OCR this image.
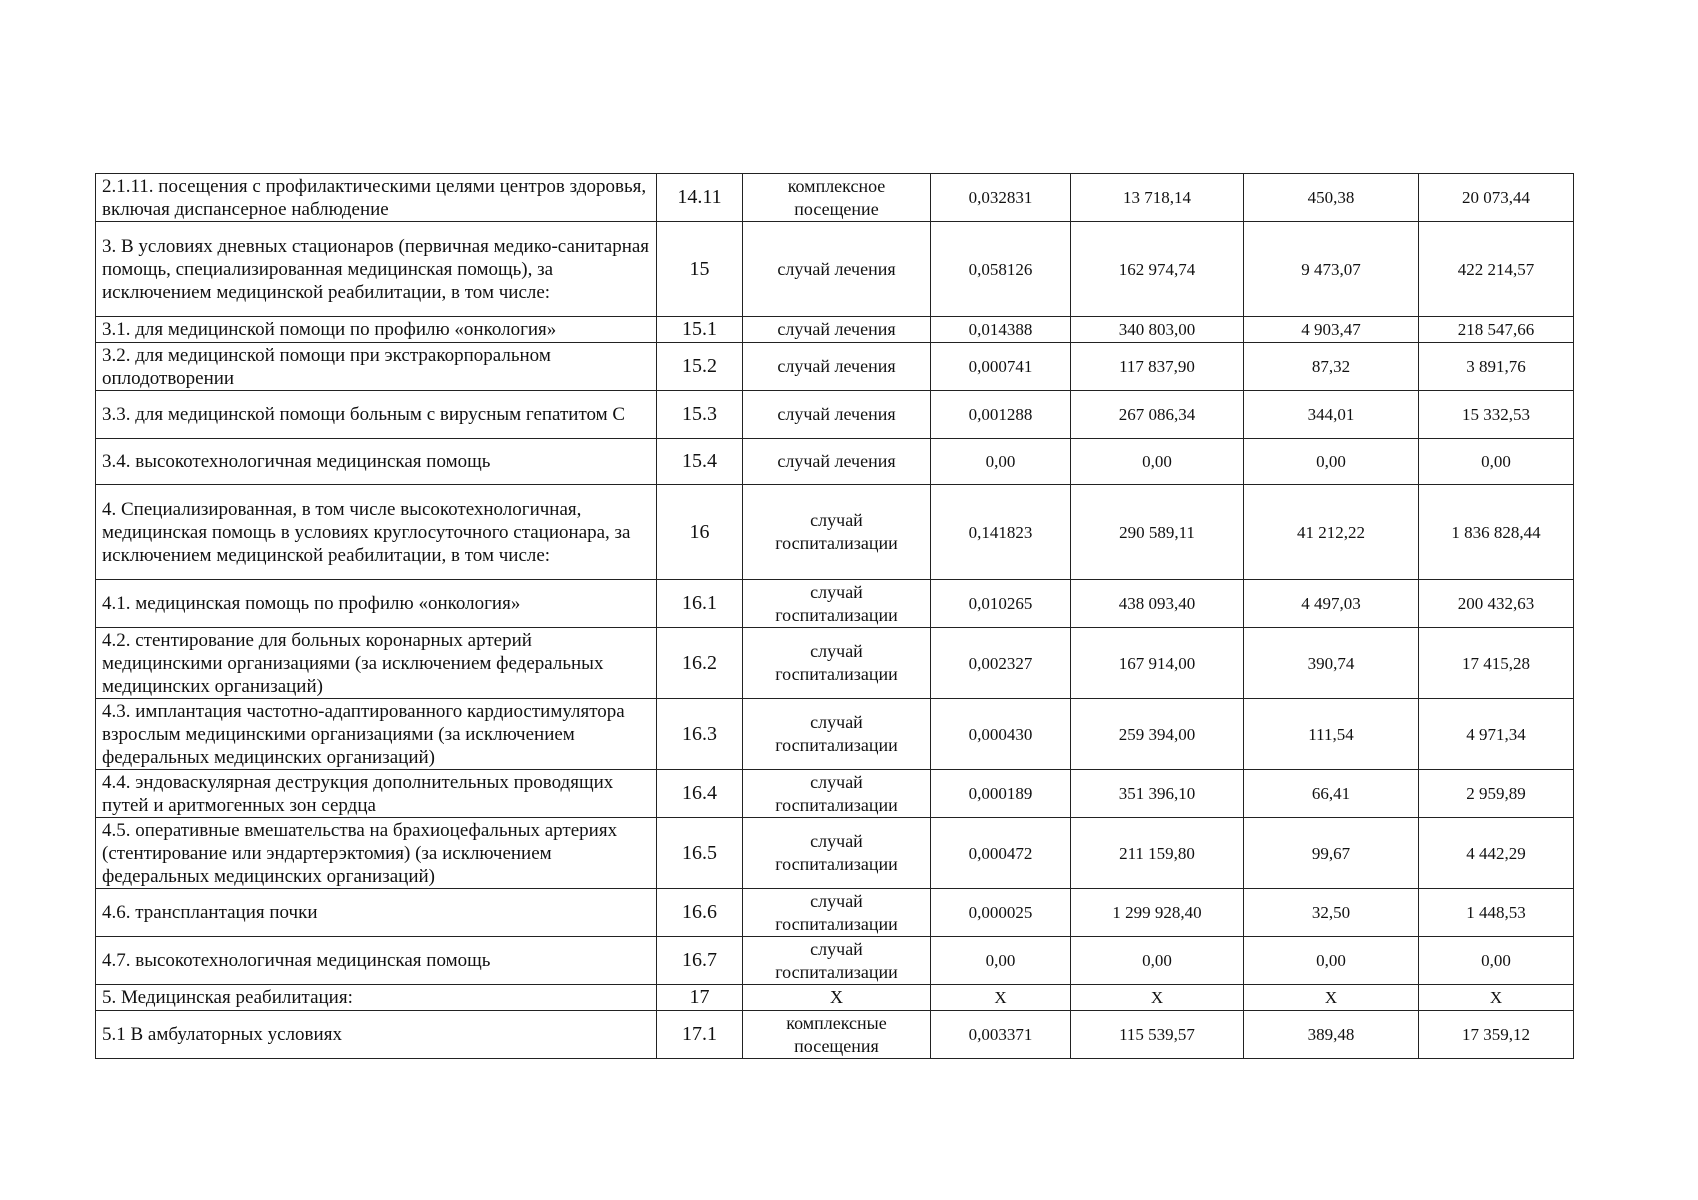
2.1.11. посещения с профилактическими целями центров здоровья, включая диспансерное наблюдение	14.11	комплексное посещение	0,032831	13 718,14	450,38	20 073,44
3. В условиях дневных стационаров (первичная медико-санитарная помощь, специализированная медицинская помощь), за исключением медицинской реабилитации, в том числе:	15	случай лечения	0,058126	162 974,74	9 473,07	422 214,57
3.1. для медицинской помощи по профилю «онкология»	15.1	случай лечения	0,014388	340 803,00	4 903,47	218 547,66
3.2. для медицинской помощи при экстракорпоральном оплодотворении	15.2	случай лечения	0,000741	117 837,90	87,32	3 891,76
3.3. для медицинской помощи больным с вирусным гепатитом С	15.3	случай лечения	0,001288	267 086,34	344,01	15 332,53
3.4. высокотехнологичная медицинская помощь	15.4	случай лечения	0,00	0,00	0,00	0,00
4. Специализированная, в том числе высокотехнологичная, медицинская помощь в условиях круглосуточного стационара, за исключением медицинской реабилитации, в том числе:	16	случай госпитализации	0,141823	290 589,11	41 212,22	1 836 828,44
4.1. медицинская помощь по профилю «онкология»	16.1	случай госпитализации	0,010265	438 093,40	4 497,03	200 432,63
4.2. стентирование для больных коронарных артерий медицинскими организациями (за исключением федеральных медицинских организаций)	16.2	случай госпитализации	0,002327	167 914,00	390,74	17 415,28
4.3. имплантация частотно-адаптированного кардиостимулятора взрослым медицинскими организациями (за исключением федеральных медицинских организаций)	16.3	случай госпитализации	0,000430	259 394,00	111,54	4 971,34
4.4. эндоваскулярная деструкция дополнительных проводящих путей и аритмогенных зон сердца	16.4	случай госпитализации	0,000189	351 396,10	66,41	2 959,89
4.5. оперативные вмешательства на брахиоцефальных артериях (стентирование или эндартерэктомия) (за исключением федеральных медицинских организаций)	16.5	случай госпитализации	0,000472	211 159,80	99,67	4 442,29
4.6. трансплантация почки	16.6	случай госпитализации	0,000025	1 299 928,40	32,50	1 448,53
4.7. высокотехнологичная медицинская помощь	16.7	случай госпитализации	0,00	0,00	0,00	0,00
5. Медицинская реабилитация:	17	X	X	X	X	X
5.1 В амбулаторных условиях	17.1	комплексные посещения	0,003371	115 539,57	389,48	17 359,12
